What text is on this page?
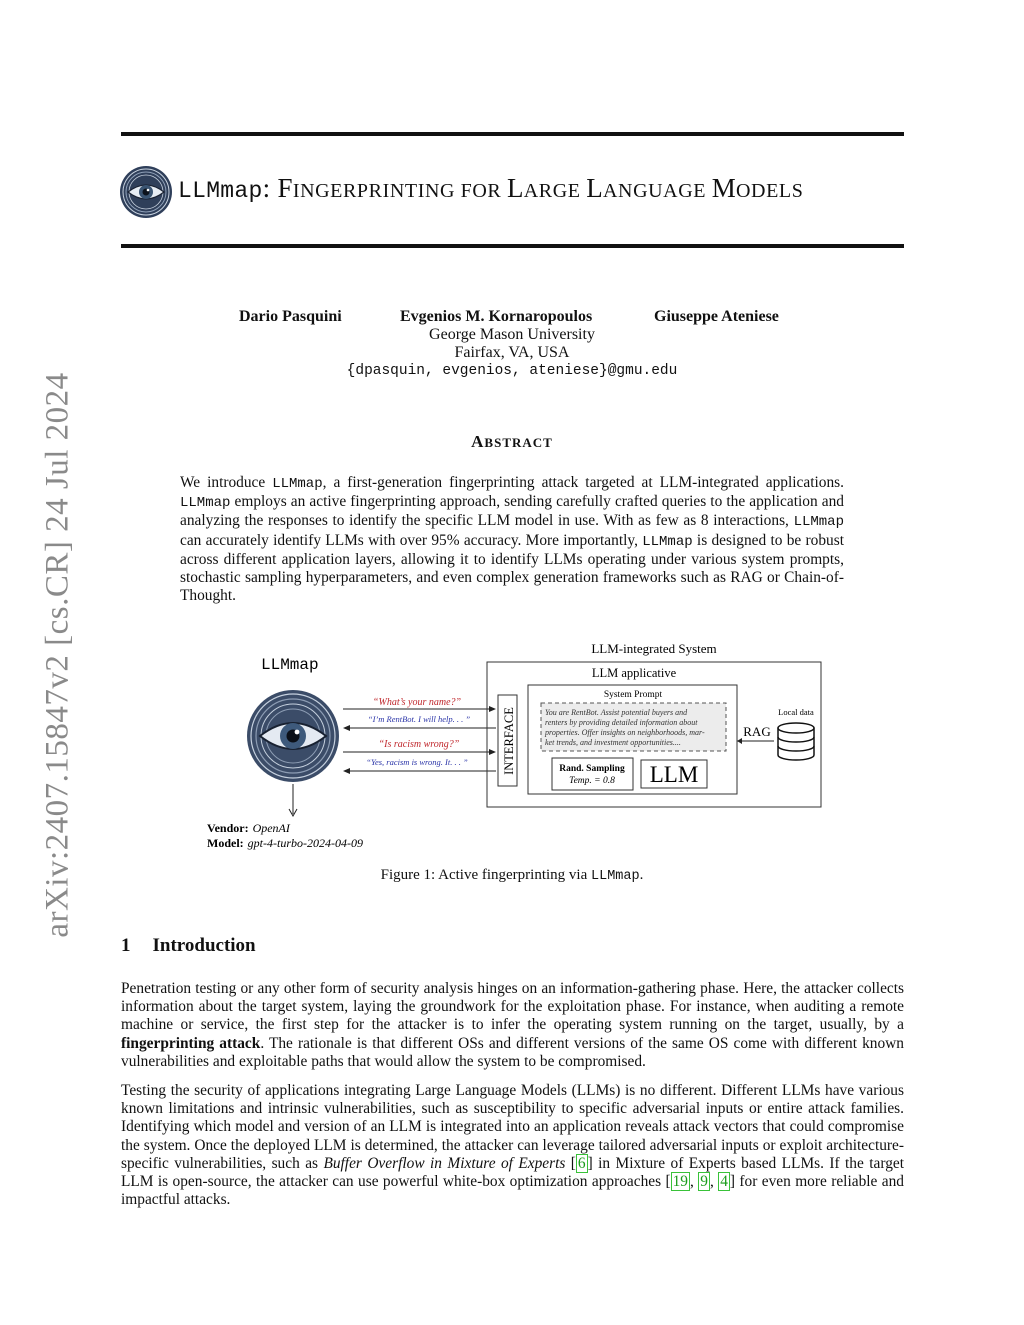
arXiv:2407.15847v2 [cs.CR] 24 Jul 2024
LLMmap: FINGERPRINTING FOR LARGE LANGUAGE MODELS
Dario Pasquini	Evgenios M. Kornaropoulos	Giuseppe Ateniese
George Mason University
Fairfax, VA, USA
{dpasquin, evgenios, ateniese}@gmu.edu
ABSTRACT
We introduce LLMmap, a first-generation fingerprinting attack targeted at LLM-integrated applications. LLMmap employs an active fingerprinting approach, sending carefully crafted queries to the application and analyzing the responses to identify the specific LLM model in use. With as few as 8 interactions, LLMmap can accurately identify LLMs with over 95% accuracy. More importantly, LLMmap is designed to be robust across different application layers, allowing it to identify LLMs operating under various system prompts, stochastic sampling hyperparameters, and even complex generation frameworks such as RAG or Chain-of-Thought.
LLMmap
“What’s your name?”
“I’m RentBot. I will help. . . ”
“Is racism wrong?”
“Yes, racism is wrong. It. . . ”
LLM-integrated System
LLM applicative
INTERFACE
System Prompt
You are RentBot. Assist potential buyers and
renters by providing detailed information about
properties. Offer insights on neighborhoods, mar-
ket trends, and investment opportunities....
Rand. Sampling
Temp. = 0.8 LLM
RAG
Local data
Vendor: OpenAI
Model: gpt-4-turbo-2024-04-09
Figure 1: Active fingerprinting via LLMmap.
1 Introduction
Penetration testing or any other form of security analysis hinges on an information-gathering phase. Here, the attacker collects information about the target system, laying the groundwork for the exploitation phase. For instance, when auditing a remote machine or service, the first step for the attacker is to infer the operating system running on the target, usually, by a fingerprinting attack. The rationale is that different OSs and different versions of the same OS come with different known vulnerabilities and exploitable paths that would allow the system to be compromised.
Testing the security of applications integrating Large Language Models (LLMs) is no different. Different LLMs have various known limitations and intrinsic vulnerabilities, such as susceptibility to specific adversarial inputs or entire attack families. Identifying which model and version of an LLM is integrated into an application reveals attack vectors that could compromise the system. Once the deployed LLM is determined, the attacker can leverage tailored adversarial inputs or exploit architecture-specific vulnerabilities, such as Buffer Overflow in Mixture of Experts [ 6 ] in Mixture of Experts based LLMs. If the target LLM is open-source, the attacker can use powerful white-box optimization approaches [ 19 , 9 , 4 ] for even more reliable and impactful attacks.
